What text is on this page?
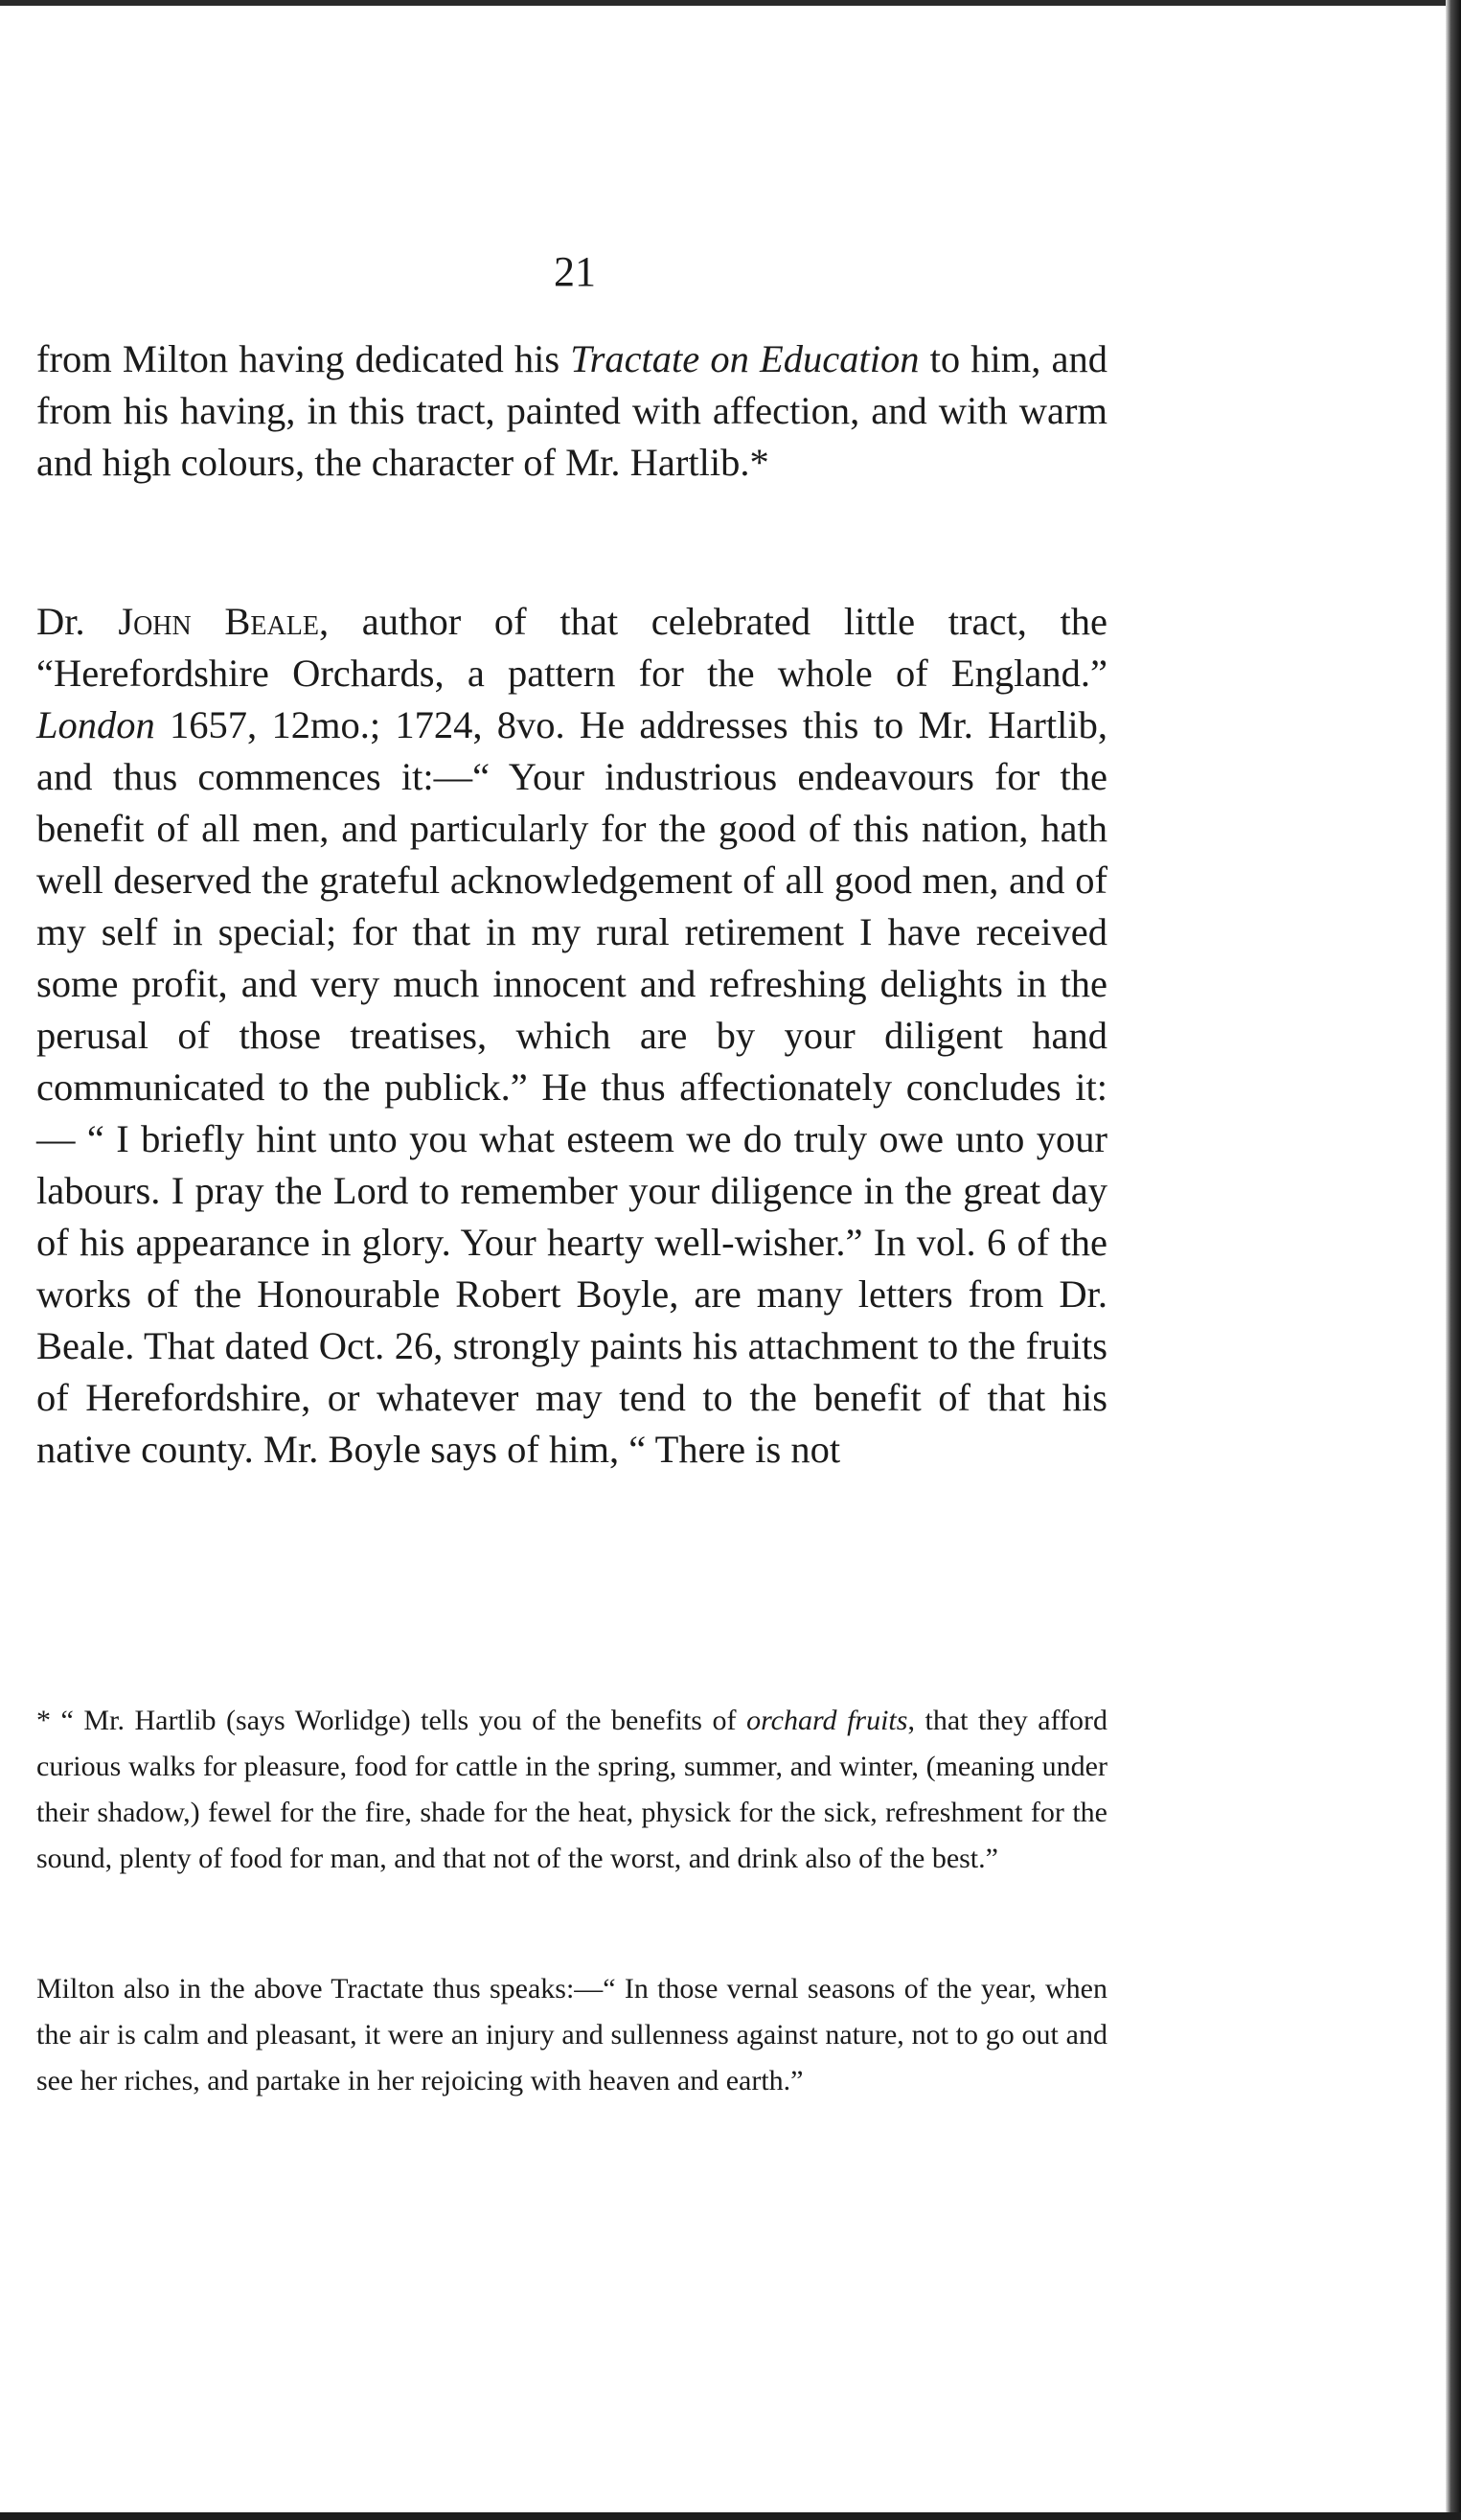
21

from Milton having dedicated his Tractate on Education to him, and from his having, in this tract, painted with affection, and with warm and high colours, the character of Mr. Hartlib.*

Dr. John Beale, author of that celebrated little tract, the “Herefordshire Orchards, a pattern for the whole of England.” London 1657, 12mo.; 1724, 8vo. He addresses this to Mr. Hartlib, and thus commences it:—“ Your industrious endeavours for the benefit of all men, and particularly for the good of this nation, hath well deserved the grateful acknowledgement of all good men, and of my self in special; for that in my rural retirement I have received some profit, and very much innocent and refreshing delights in the perusal of those treatises, which are by your diligent hand communicated to the publick.” He thus affectionately concludes it:— “ I briefly hint unto you what esteem we do truly owe unto your labours. I pray the Lord to remember your diligence in the great day of his appearance in glory. Your hearty well-wisher.” In vol. 6 of the works of the Honourable Robert Boyle, are many letters from Dr. Beale. That dated Oct. 26, strongly paints his attachment to the fruits of Herefordshire, or whatever may tend to the benefit of that his native county. Mr. Boyle says of him, “ There is not

* “ Mr. Hartlib (says Worlidge) tells you of the benefits of orchard fruits, that they afford curious walks for pleasure, food for cattle in the spring, summer, and winter, (meaning under their shadow,) fewel for the fire, shade for the heat, physick for the sick, refreshment for the sound, plenty of food for man, and that not of the worst, and drink also of the best.”

Milton also in the above Tractate thus speaks:—“ In those vernal seasons of the year, when the air is calm and pleasant, it were an injury and sullenness against nature, not to go out and see her riches, and partake in her rejoicing with heaven and earth.”
